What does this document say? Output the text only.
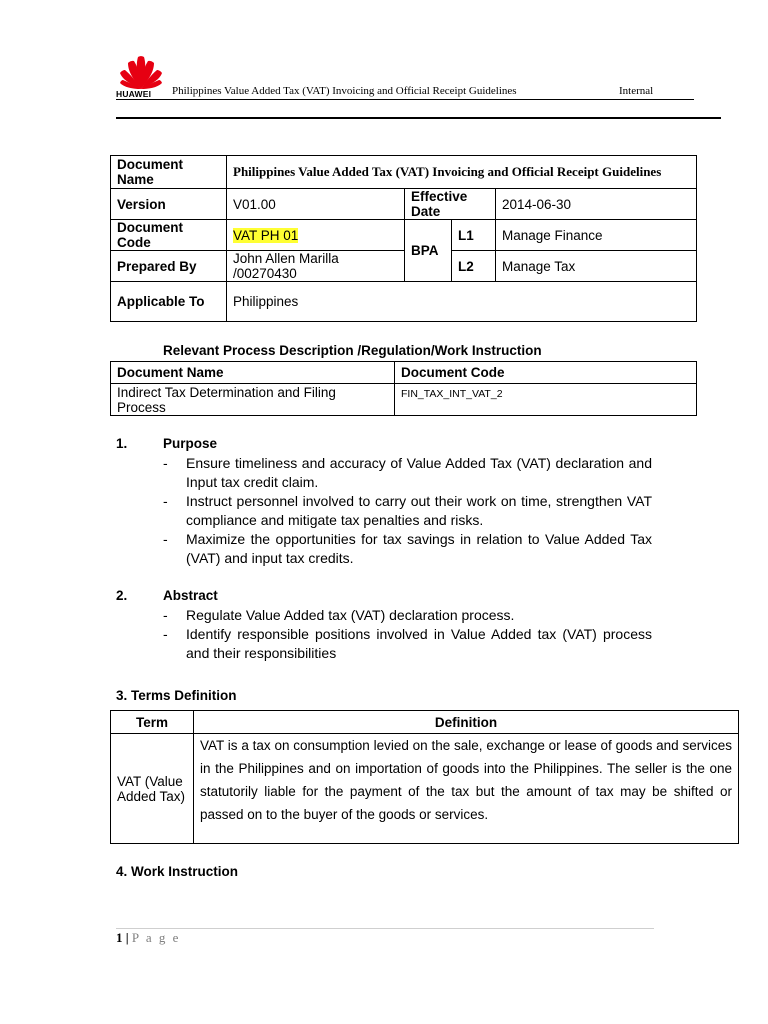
HUAWEI Philippines Value Added Tax (VAT) Invoicing and Official Receipt Guidelines	Internal
Document Name	Philippines Value Added Tax (VAT) Invoicing and Official Receipt Guidelines			
Version	V01.00	Effective Date		2014-06-30
Document Code	VAT PH 01	BPA	L1	Manage Finance
Prepared By	John Allen Marilla /00270430		L2	Manage Tax
Applicable To	Philippines			
Relevant Process Description /Regulation/Work Instruction
Document Name	Document Code
Indirect Tax Determination and Filing Process	FIN_TAX_INT_VAT_2
1.	Purpose
- Ensure timeliness and accuracy of Value Added Tax (VAT) declaration and Input tax credit claim.
- Instruct personnel involved to carry out their work on time, strengthen VAT compliance and mitigate tax penalties and risks.
- Maximize the opportunities for tax savings in relation to Value Added Tax (VAT) and input tax credits.
2.	Abstract
- Regulate Value Added tax (VAT) declaration process.
- Identify responsible positions involved in Value Added tax (VAT) process and their responsibilities
3. Terms Definition
Term	Definition
VAT (Value Added Tax)	VAT is a tax on consumption levied on the sale, exchange or lease of goods and services in the Philippines and on importation of goods into the Philippines. The seller is the one statutorily liable for the payment of the tax but the amount of tax may be shifted or passed on to the buyer of the goods or services.
4. Work Instruction
1 | P a g e
